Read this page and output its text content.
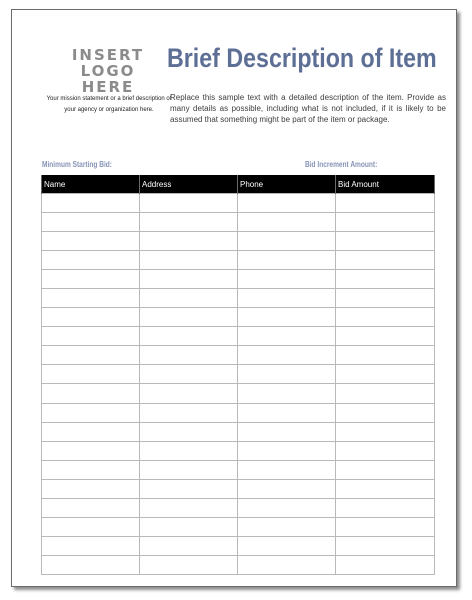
INSERT
LOGO
HERE
Your mission statement or a brief description of your agency or organization here.
Brief Description of Item
Replace this sample text with a detailed description of the item. Provide as many details as possible, including what is not included, if it is likely to be assumed that something might be part of the item or package.
Minimum Starting Bid:	Bid Increment Amount:
Name	Address	Phone	Bid Amount
